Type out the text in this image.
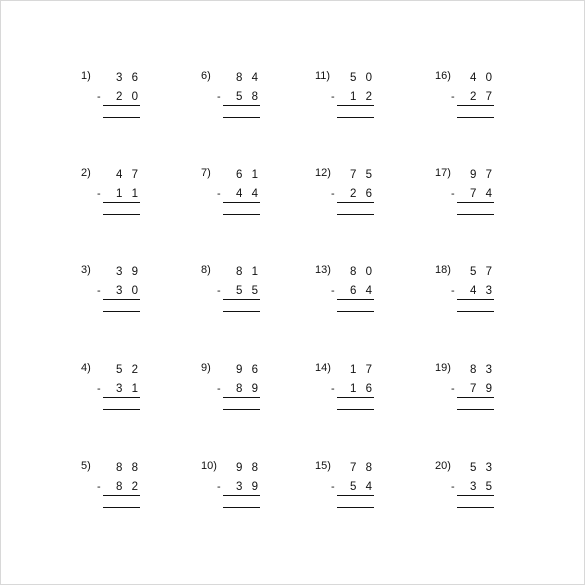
1) 3 6
- 2 0
2) 4 7
- 1 1
3) 3 9
- 3 0
4) 5 2
- 3 1
5) 8 8
- 8 2
6) 8 4
- 5 8
7) 6 1
- 4 4
8) 8 1
- 5 5
9) 9 6
- 8 9
10) 9 8
- 3 9
11) 5 0
- 1 2
12) 7 5
- 2 6
13) 8 0
- 6 4
14) 1 7
- 1 6
15) 7 8
- 5 4
16) 4 0
- 2 7
17) 9 7
- 7 4
18) 5 7
- 4 3
19) 8 3
- 7 9
20) 5 3
- 3 5
